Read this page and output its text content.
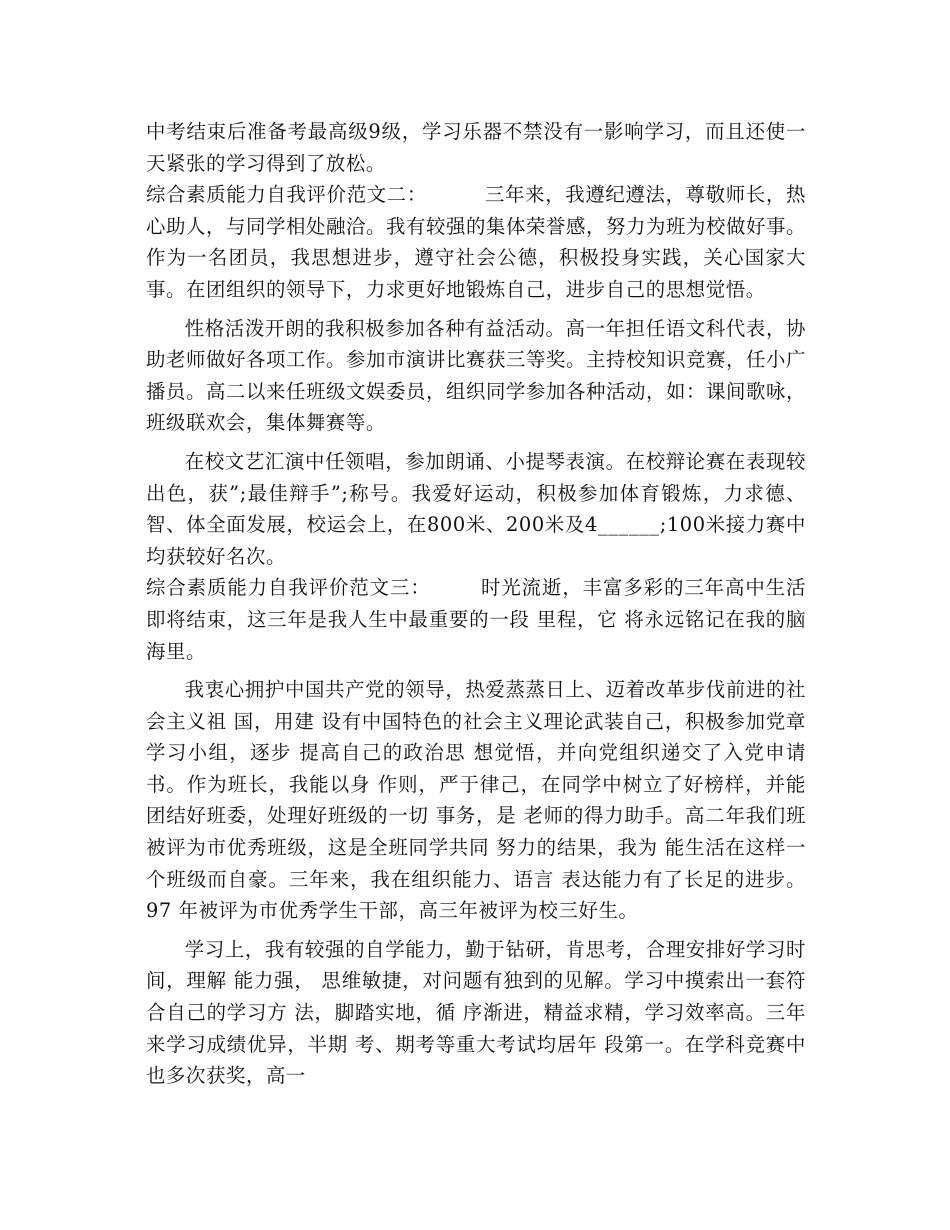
中考结束后准备考最高级9级，学习乐器不禁没有一影响学习，而且还使一天紧张的学习得到了放松。

综合素质能力自我评价范文二：	三年来，我遵纪遵法，尊敬师长，热心助人，与同学相处融洽。我有较强的集体荣誉感，努力为班为校做好事。作为一名团员，我思想进步，遵守社会公德，积极投身实践，关心国家大事。在团组织的领导下，力求更好地锻炼自己，进步自己的思想觉悟。

性格活泼开朗的我积极参加各种有益活动。高一年担任语文科代表，协助老师做好各项工作。参加市演讲比赛获三等奖。主持校知识竞赛，任小广播员。高二以来任班级文娱委员，组织同学参加各种活动，如：课间歌咏，班级联欢会，集体舞赛等。

在校文艺汇演中任领唱，参加朗诵、小提琴表演。在校辩论赛在表现较出色，获”;最佳辩手”;称号。我爱好运动，积极参加体育锻炼，力求德、智、体全面发展，校运会上，在800米、200米及4______;100米接力赛中均获较好名次。

综合素质能力自我评价范文三：	时光流逝，丰富多彩的三年高中生活即将结束，这三年是我人生中最重要的一段 里程，它 将永远铭记在我的脑海里。

我衷心拥护中国共产党的领导，热爱蒸蒸日上、迈着改革步伐前进的社会主义祖 国，用建 设有中国特色的社会主义理论武装自己，积极参加党章学习小组，逐步 提高自己的政治思 想觉悟，并向党组织递交了入党申请书。作为班长，我能以身 作则，严于律己，在同学中树立了好榜样，并能团结好班委，处理好班级的一切 事务，是 老师的得力助手。高二年我们班被评为市优秀班级，这是全班同学共同 努力的结果，我为 能生活在这样一个班级而自豪。三年来，我在组织能力、语言 表达能力有了长足的进步。 97 年被评为市优秀学生干部，高三年被评为校三好生。

学习上，我有较强的自学能力，勤于钻研，肯思考，合理安排好学习时间，理解 能力强， 思维敏捷，对问题有独到的见解。学习中摸索出一套符合自己的学习方 法，脚踏实地，循 序渐进，精益求精，学习效率高。三年来学习成绩优异，半期 考、期考等重大考试均居年 段第一。在学科竞赛中也多次获奖，高一
